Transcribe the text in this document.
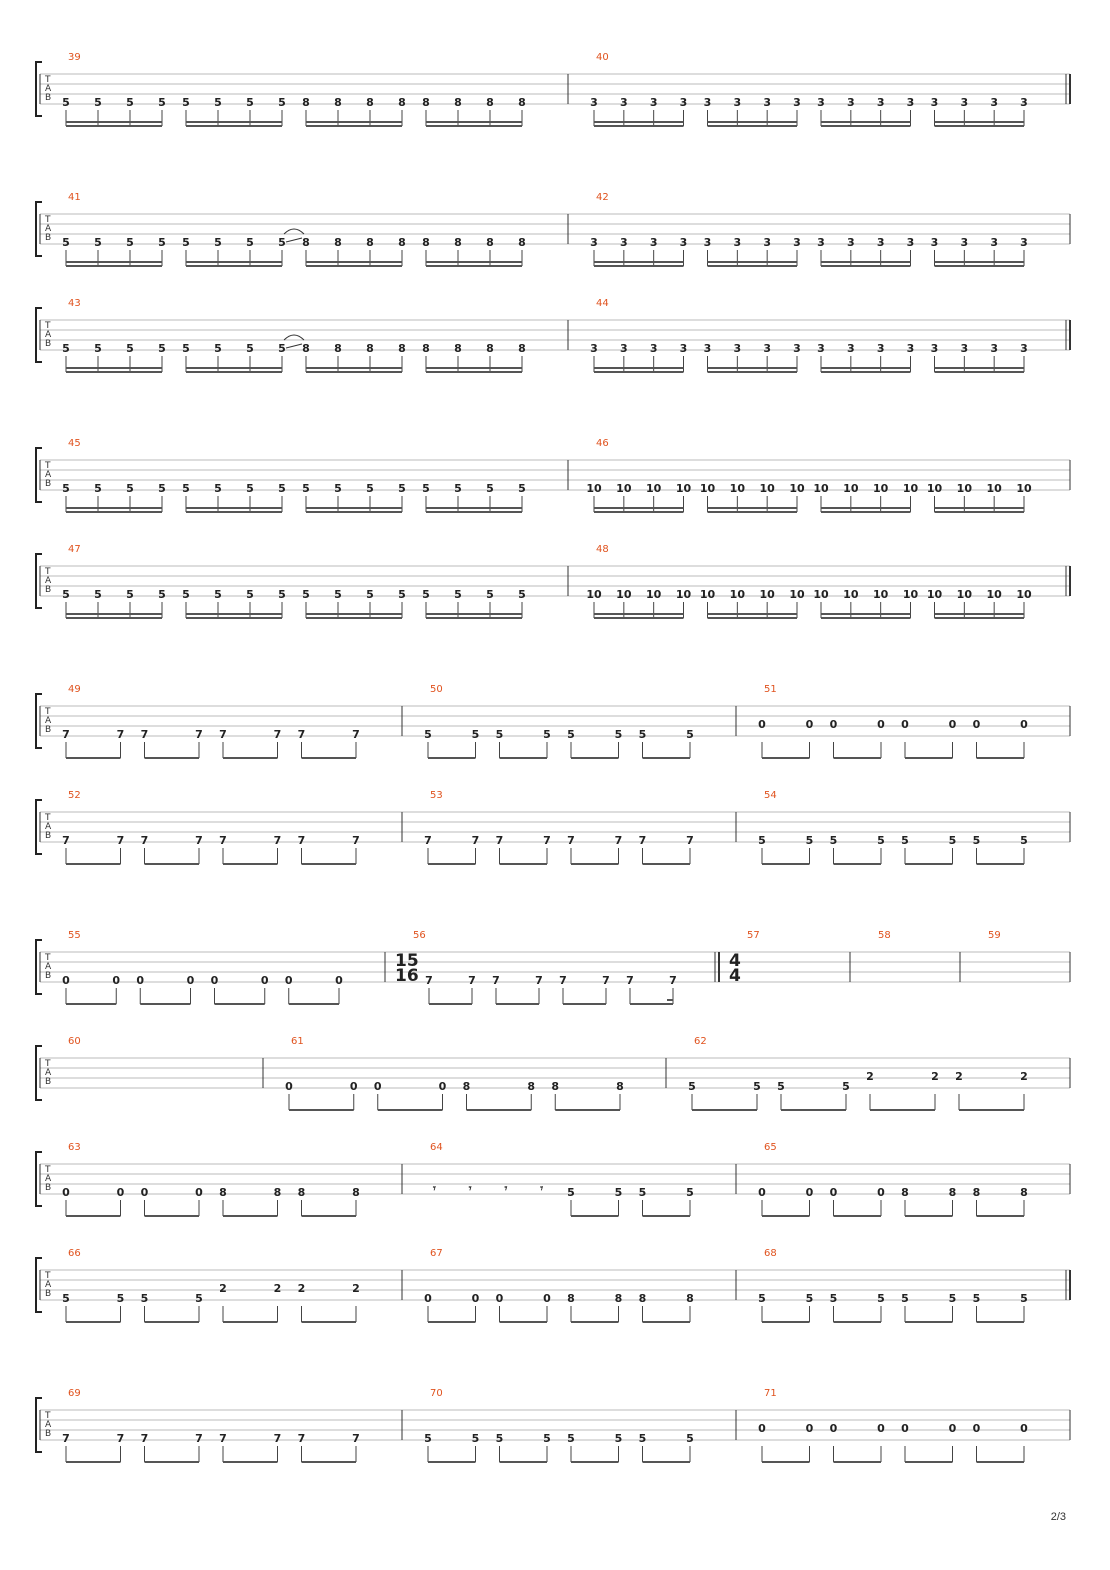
T
A
B
39
5 5 5 5 5 5 5 5 8 8 8 8 8 8 8 8
40
3 3 3 3 3 3 3 3 3 3 3 3 3 3 3 3
T
A
B
41
5 5 5 5 5 5 5 5 8 8 8 8 8 8 8 8
42
3 3 3 3 3 3 3 3 3 3 3 3 3 3 3 3
T
A
B
43
5 5 5 5 5 5 5 5 8 8 8 8 8 8 8 8
44
3 3 3 3 3 3 3 3 3 3 3 3 3 3 3 3
T
A
B
45
5 5 5 5 5 5 5 5 5 5 5 5 5 5 5 5
46
10 10 10 10 10 10 10 10 10 10 10 10 10 10 10 10
T
A
B
47
5 5 5 5 5 5 5 5 5 5 5 5 5 5 5 5
48
10 10 10 10 10 10 10 10 10 10 10 10 10 10 10 10
T
A
B
49
7	7 7	7 7	7 7	7
50
5	5 5	5 5	5 5	5
51
0	0 0	0 0	0 0	0
T
A
B
52
7	7 7	7 7	7 7	7
53
7	7 7	7 7	7 7	7
54
5	5 5	5 5	5 5	5
T
A
B
55
0	0 0	0 0	0 0	0
56
15
16 7	7 7	7 7	7 7	7
57
4
4
58	59
T
A
B
60	61
0	0 0	0 8	8 8	8
62
5	5 5	5
2	2 2	2
T
A
B
63
0	0 0	0 8	8 8	8
64
𝄾	𝄾	𝄾	𝄾 5	5 5	5
65
0	0 0	0 8	8 8	8
T
A
B
66
5	5 5	5
2	2 2	2
67
0	0 0	0 8	8 8	8
68
5	5 5	5 5	5 5	5
T
A
B
69
7	7 7	7 7	7 7	7
70
5	5 5	5 5	5 5	5
71
0	0 0	0 0	0 0	0
2/3
